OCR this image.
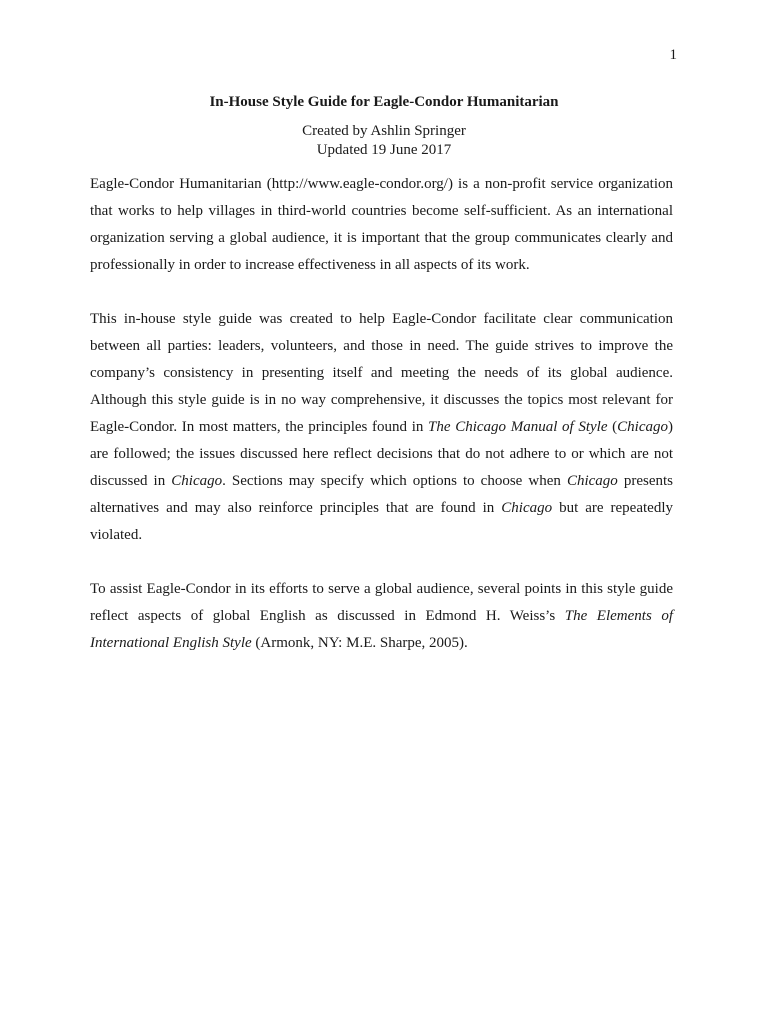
1
In-House Style Guide for Eagle-Condor Humanitarian
Created by Ashlin Springer
Updated 19 June 2017

Eagle-Condor Humanitarian (http://www.eagle-condor.org/) is a non-profit service organization that works to help villages in third-world countries become self-sufficient. As an international organization serving a global audience, it is important that the group communicates clearly and professionally in order to increase effectiveness in all aspects of its work.

This in-house style guide was created to help Eagle-Condor facilitate clear communication between all parties: leaders, volunteers, and those in need. The guide strives to improve the company’s consistency in presenting itself and meeting the needs of its global audience. Although this style guide is in no way comprehensive, it discusses the topics most relevant for Eagle-Condor. In most matters, the principles found in The Chicago Manual of Style (Chicago) are followed; the issues discussed here reflect decisions that do not adhere to or which are not discussed in Chicago. Sections may specify which options to choose when Chicago presents alternatives and may also reinforce principles that are found in Chicago but are repeatedly violated.

To assist Eagle-Condor in its efforts to serve a global audience, several points in this style guide reflect aspects of global English as discussed in Edmond H. Weiss’s The Elements of International English Style (Armonk, NY: M.E. Sharpe, 2005).
